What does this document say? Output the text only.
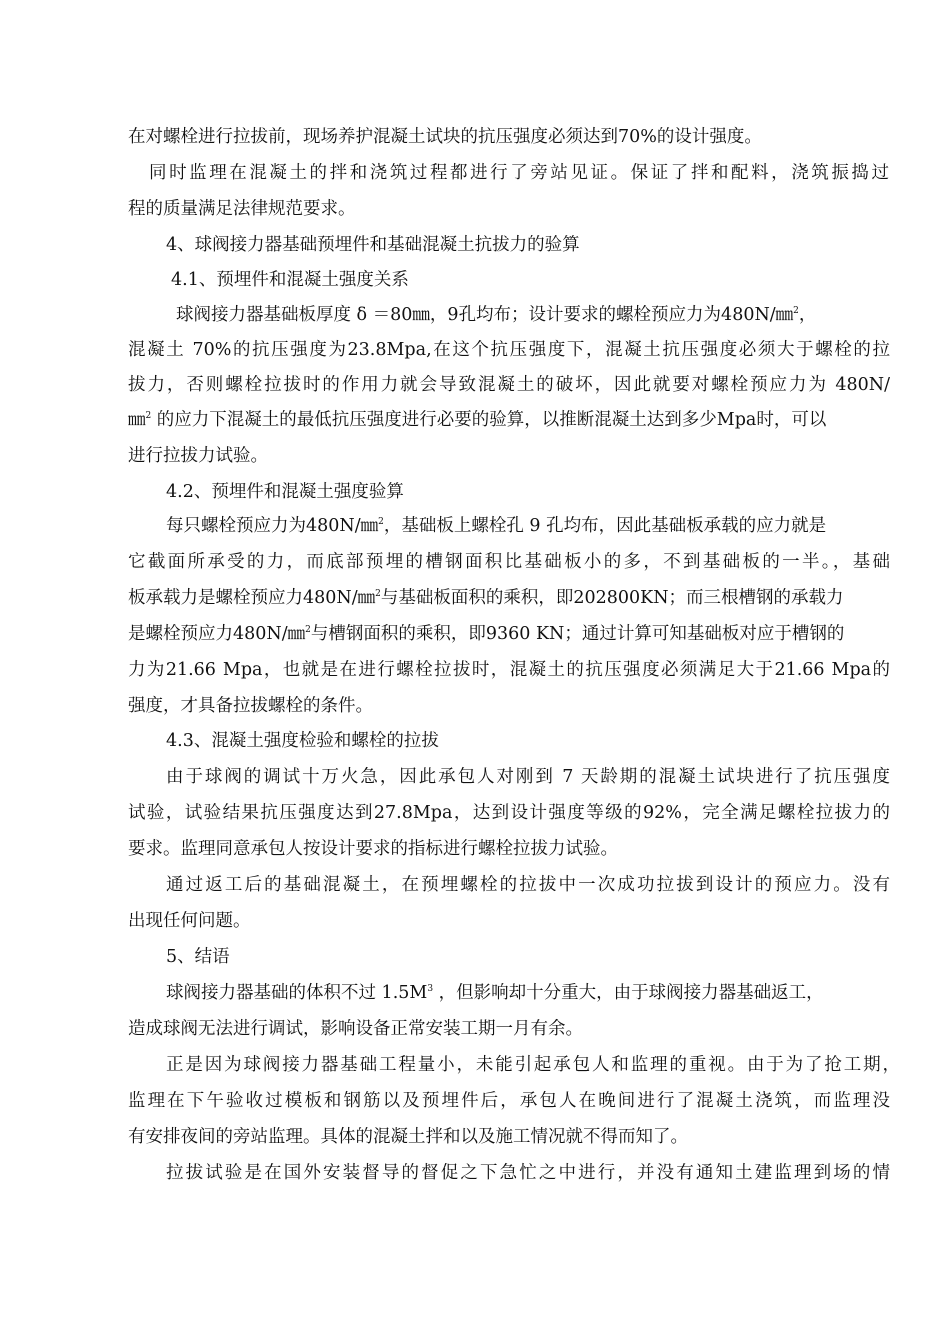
在对螺栓进行拉拔前，现场养护混凝土试块的抗压强度必须达到70%的设计强度。
同时监理在混凝土的拌和浇筑过程都进行了旁站见证。保证了拌和配料，浇筑振捣过
程的质量满足法律规范要求。
4、球阀接力器基础预埋件和基础混凝土抗拔力的验算
4.1、预埋件和混凝土强度关系
球阀接力器基础板厚度 δ ＝80㎜，9孔均布；设计要求的螺栓预应力为480N/㎜$^2$，
混凝土 70%的抗压强度为23.8Mpa,在这个抗压强度下，混凝土抗压强度必须大于螺栓的拉
拔力，否则螺栓拉拔时的作用力就会导致混凝土的破坏，因此就要对螺栓预应力为 480N/
㎜$^2$ 的应力下混凝土的最低抗压强度进行必要的验算，以推断混凝土达到多少Mpa时，可以
进行拉拔力试验。
4.2、预埋件和混凝土强度验算
每只螺栓预应力为480N/㎜$^2$，基础板上螺栓孔 9 孔均布，因此基础板承载的应力就是
它截面所承受的力，而底部预埋的槽钢面积比基础板小的多，不到基础板的一半。，基础
板承载力是螺栓预应力480N/㎜$^2$与基础板面积的乘积，即202800KN；而三根槽钢的承载力
是螺栓预应力480N/㎜$^2$与槽钢面积的乘积，即9360 KN；通过计算可知基础板对应于槽钢的
力为21.66 Mpa，也就是在进行螺栓拉拔时，混凝土的抗压强度必须满足大于21.66 Mpa的
强度，才具备拉拔螺栓的条件。
4.3、混凝土强度检验和螺栓的拉拔
由于球阀的调试十万火急，因此承包人对刚到 7 天龄期的混凝土试块进行了抗压强度
试验，试验结果抗压强度达到27.8Mpa，达到设计强度等级的92%，完全满足螺栓拉拔力的
要求。监理同意承包人按设计要求的指标进行螺栓拉拔力试验。
通过返工后的基础混凝土，在预埋螺栓的拉拔中一次成功拉拔到设计的预应力。没有
出现任何问题。
5、结语
球阀接力器基础的体积不过 $1.5M^3$ ，但影响却十分重大，由于球阀接力器基础返工，
造成球阀无法进行调试，影响设备正常安装工期一月有余。
正是因为球阀接力器基础工程量小，未能引起承包人和监理的重视。由于为了抢工期，
监理在下午验收过模板和钢筋以及预埋件后，承包人在晚间进行了混凝土浇筑，而监理没
有安排夜间的旁站监理。具体的混凝土拌和以及施工情况就不得而知了。
拉拔试验是在国外安装督导的督促之下急忙之中进行，并没有通知土建监理到场的情
